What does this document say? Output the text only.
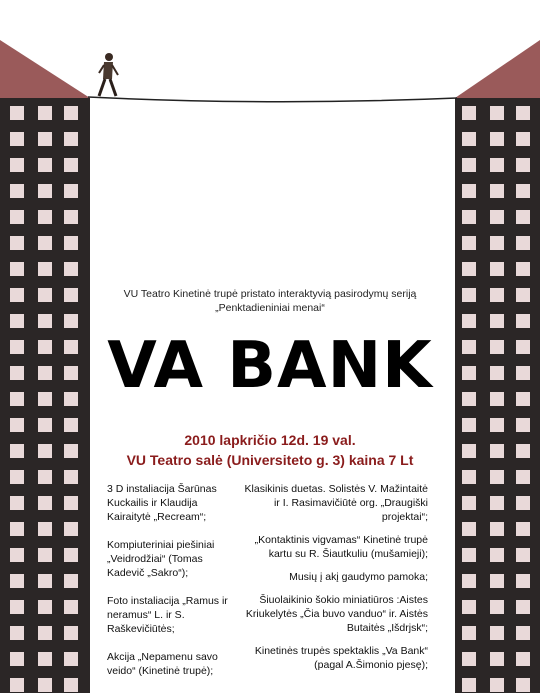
VU Teatro Kinetinė trupė pristato interaktyvią pasirodymų seriją
„Penktadieniniai menai“
VA BANK
2010 lapkričio 12d. 19 val.
VU Teatro salė (Universiteto g. 3) kaina 7 Lt
3 D instaliacija Šarūnas Kuckailis ir Klaudija Kairaitytė „Recream“;
Kompiuteriniai piešiniai „Veidrodžiai“ (Tomas Kadevič „Sakro“);
Foto instaliacija „Ramus ir neramus“ L. ir S. Raškevičiūtės;
Akcija „Nepamenu savo veido“ (Kinetinė trupė);
Klasikinis duetas. Solistės V. Mažintaitė ir I. Rasimavičiūtė org. „Draugiški projektai“;
„Kontaktinis vigvamas“ Kinetinė trupė kartu su R. Šiautkuliu (mušamieji);
Musių į akį gaudymo pamoka;
Šiuolaikinio šokio miniatiūros :Aistes Kriukelytės „Čia buvo vanduo“ ir. Aistės Butaitės „Išdrjsk“;
Kinetinės trupės spektaklis „Va Bank“ (pagal A.Šimonio pjesę);
